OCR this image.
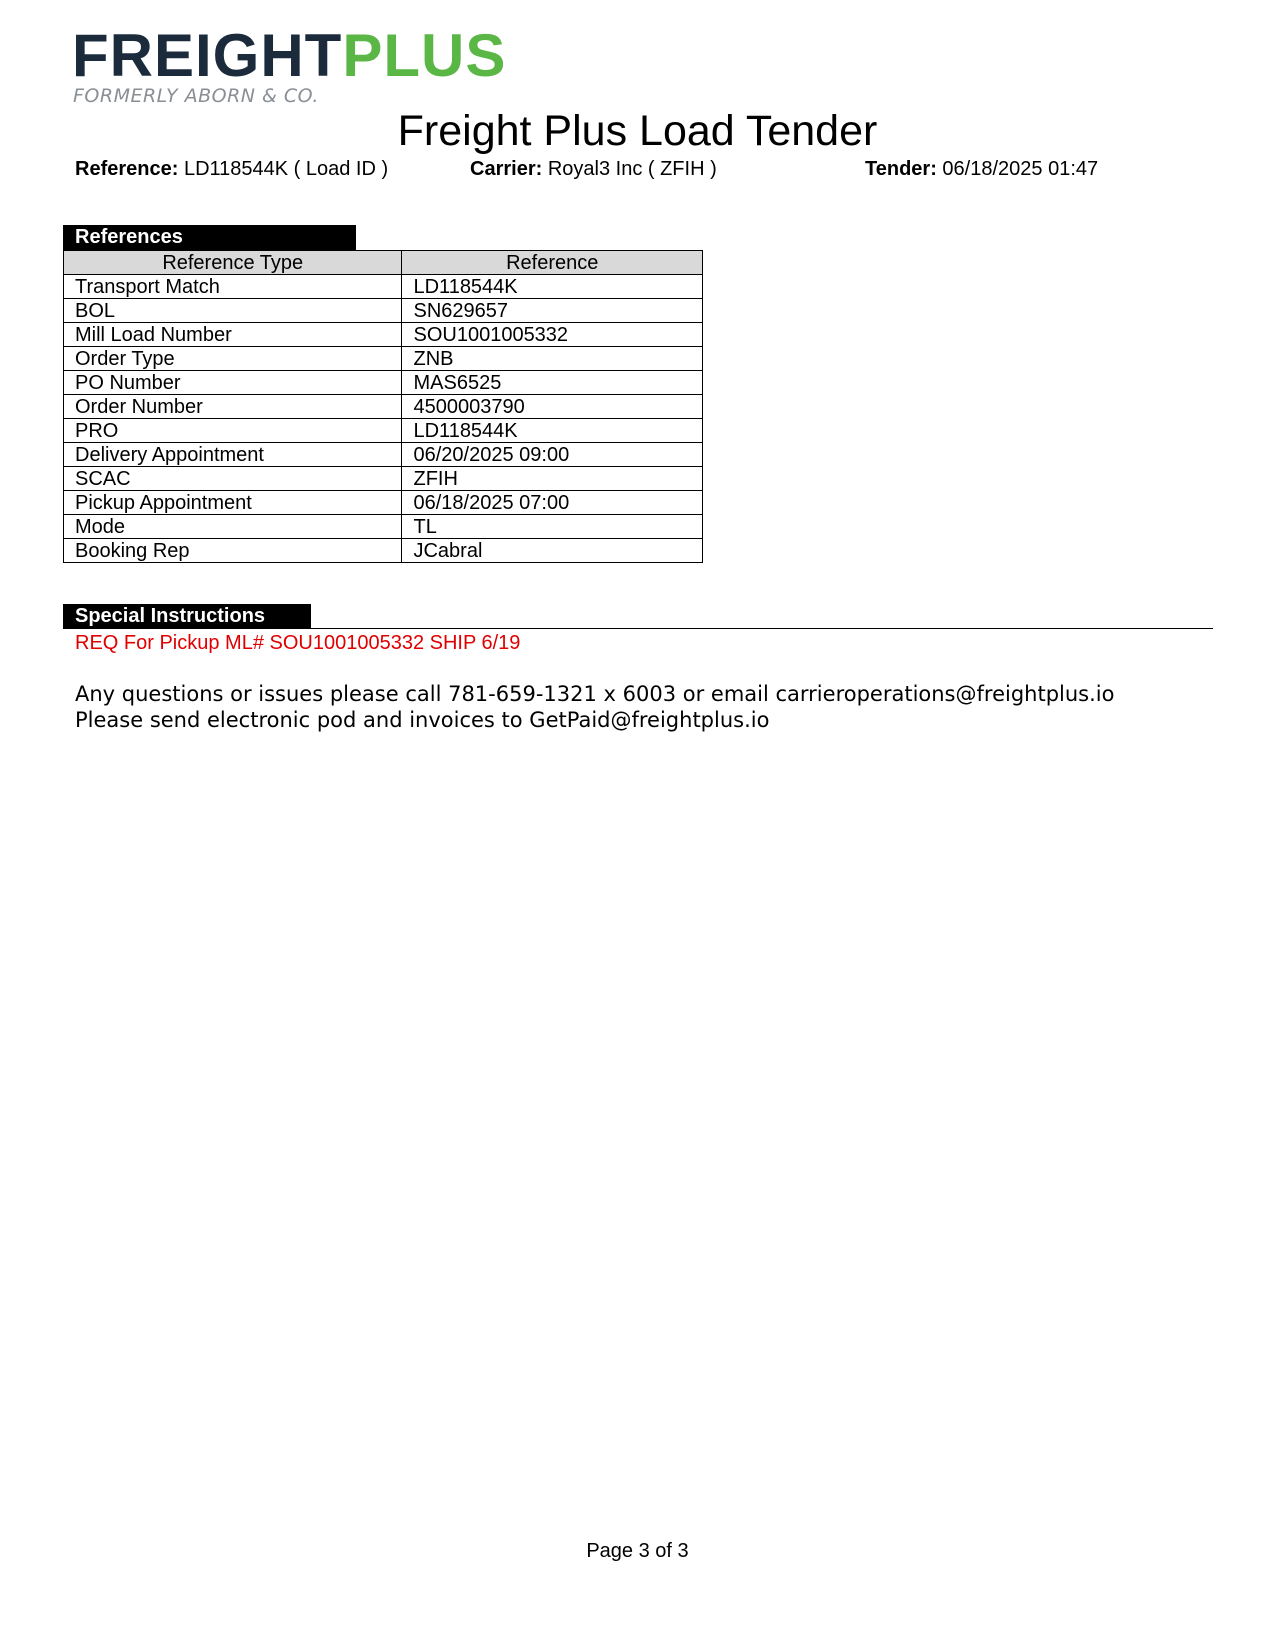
FREIGHTPLUS
FORMERLY ABORN & CO.
Freight Plus Load Tender
Reference: LD118544K ( Load ID )	Carrier: Royal3 Inc ( ZFIH )	Tender: 06/18/2025 01:47
References
Reference Type	Reference
Transport Match	LD118544K
BOL	SN629657
Mill Load Number	SOU1001005332
Order Type	ZNB
PO Number	MAS6525
Order Number	4500003790
PRO	LD118544K
Delivery Appointment	06/20/2025 09:00
SCAC	ZFIH
Pickup Appointment	06/18/2025 07:00
Mode	TL
Booking Rep	JCabral
Special Instructions
REQ For Pickup ML# SOU1001005332 SHIP 6/19
Any questions or issues please call 781-659-1321 x 6003 or email carrieroperations@freightplus.io
Please send electronic pod and invoices to GetPaid@freightplus.io
Page 3 of 3
